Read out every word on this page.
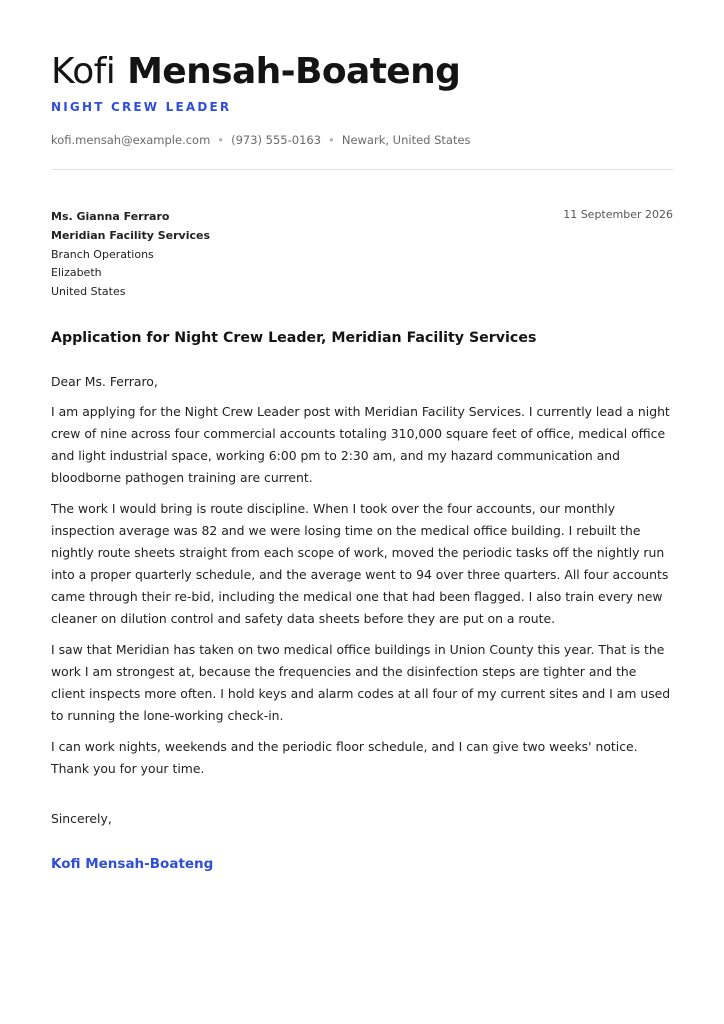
Kofi Mensah-Boateng
NIGHT CREW LEADER
kofi.mensah@example.com • (973) 555-0163 • Newark, United States
Ms. Gianna Ferraro
Meridian Facility Services
Branch Operations
Elizabeth
United States
11 September 2026
Application for Night Crew Leader, Meridian Facility Services

Dear Ms. Ferraro,

I am applying for the Night Crew Leader post with Meridian Facility Services. I currently lead a night crew of nine across four commercial accounts totaling 310,000 square feet of office, medical office and light industrial space, working 6:00 pm to 2:30 am, and my hazard communication and bloodborne pathogen training are current.

The work I would bring is route discipline. When I took over the four accounts, our monthly inspection average was 82 and we were losing time on the medical office building. I rebuilt the nightly route sheets straight from each scope of work, moved the periodic tasks off the nightly run into a proper quarterly schedule, and the average went to 94 over three quarters. All four accounts came through their re-bid, including the medical one that had been flagged. I also train every new cleaner on dilution control and safety data sheets before they are put on a route.

I saw that Meridian has taken on two medical office buildings in Union County this year. That is the work I am strongest at, because the frequencies and the disinfection steps are tighter and the client inspects more often. I hold keys and alarm codes at all four of my current sites and I am used to running the lone-working check-in.

I can work nights, weekends and the periodic floor schedule, and I can give two weeks' notice. Thank you for your time.

Sincerely,
Kofi Mensah-Boateng
